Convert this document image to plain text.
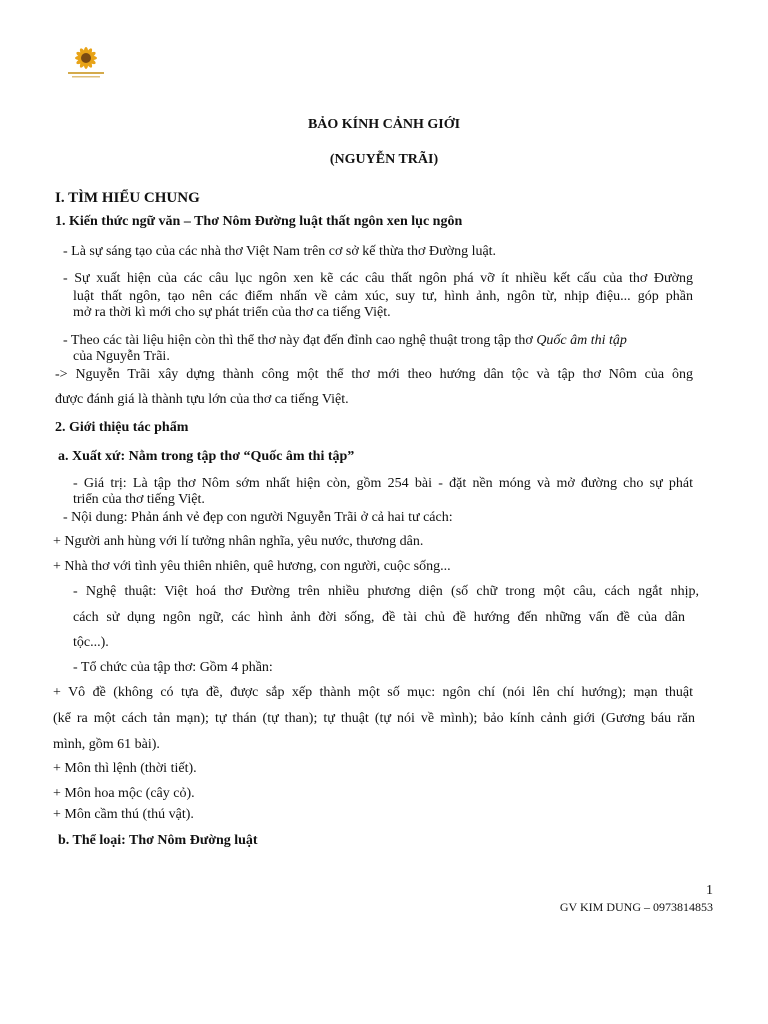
BẢO KÍNH CẢNH GIỚI
(NGUYỄN TRÃI)
I. TÌM HIỂU CHUNG
1. Kiến thức ngữ văn – Thơ Nôm Đường luật thất ngôn xen lục ngôn
- Là sự sáng tạo của các nhà thơ Việt Nam trên cơ sở kế thừa thơ Đường luật.
- Sự xuất hiện của các câu lục ngôn xen kẽ các câu thất ngôn phá vỡ ít nhiều kết cấu của thơ Đường
luật thất ngôn, tạo nên các điểm nhấn về cảm xúc, suy tư, hình ảnh, ngôn từ, nhịp điệu... góp phần
mở ra thời kì mới cho sự phát triển của thơ ca tiếng Việt.
- Theo các tài liệu hiện còn thì thể thơ này đạt đến đỉnh cao nghệ thuật trong tập thơ Quốc âm thi tập
của Nguyễn Trãi.
-> Nguyễn Trãi xây dựng thành công một thể thơ mới theo hướng dân tộc và tập thơ Nôm của ông
được đánh giá là thành tựu lớn của thơ ca tiếng Việt.
2. Giới thiệu tác phẩm
a. Xuất xứ: Nằm trong tập thơ “Quốc âm thi tập”
- Giá trị: Là tập thơ Nôm sớm nhất hiện còn, gồm 254 bài - đặt nền móng và mở đường cho sự phát
triển của thơ tiếng Việt.
- Nội dung: Phản ánh vẻ đẹp con người Nguyễn Trãi ở cả hai tư cách:
+ Người anh hùng với lí tưởng nhân nghĩa, yêu nước, thương dân.
+ Nhà thơ với tình yêu thiên nhiên, quê hương, con người, cuộc sống...
- Nghệ thuật: Việt hoá thơ Đường trên nhiều phương diện (số chữ trong một câu, cách ngắt nhịp,
cách sử dụng ngôn ngữ, các hình ảnh đời sống, đề tài chủ đề hướng đến những vấn đề của dân
tộc...).
- Tổ chức của tập thơ: Gồm 4 phần:
+ Vô đề (không có tựa đề, được sắp xếp thành một số mục: ngôn chí (nói lên chí hướng); mạn thuật
(kể ra một cách tản mạn); tự thán (tự than); tự thuật (tự nói về mình); bảo kính cảnh giới (Gương báu răn
mình, gồm 61 bài).
+ Môn thì lệnh (thời tiết).
+ Môn hoa mộc (cây cỏ).
+ Môn cầm thú (thú vật).
b. Thể loại: Thơ Nôm Đường luật
1
GV KIM DUNG – 0973814853
